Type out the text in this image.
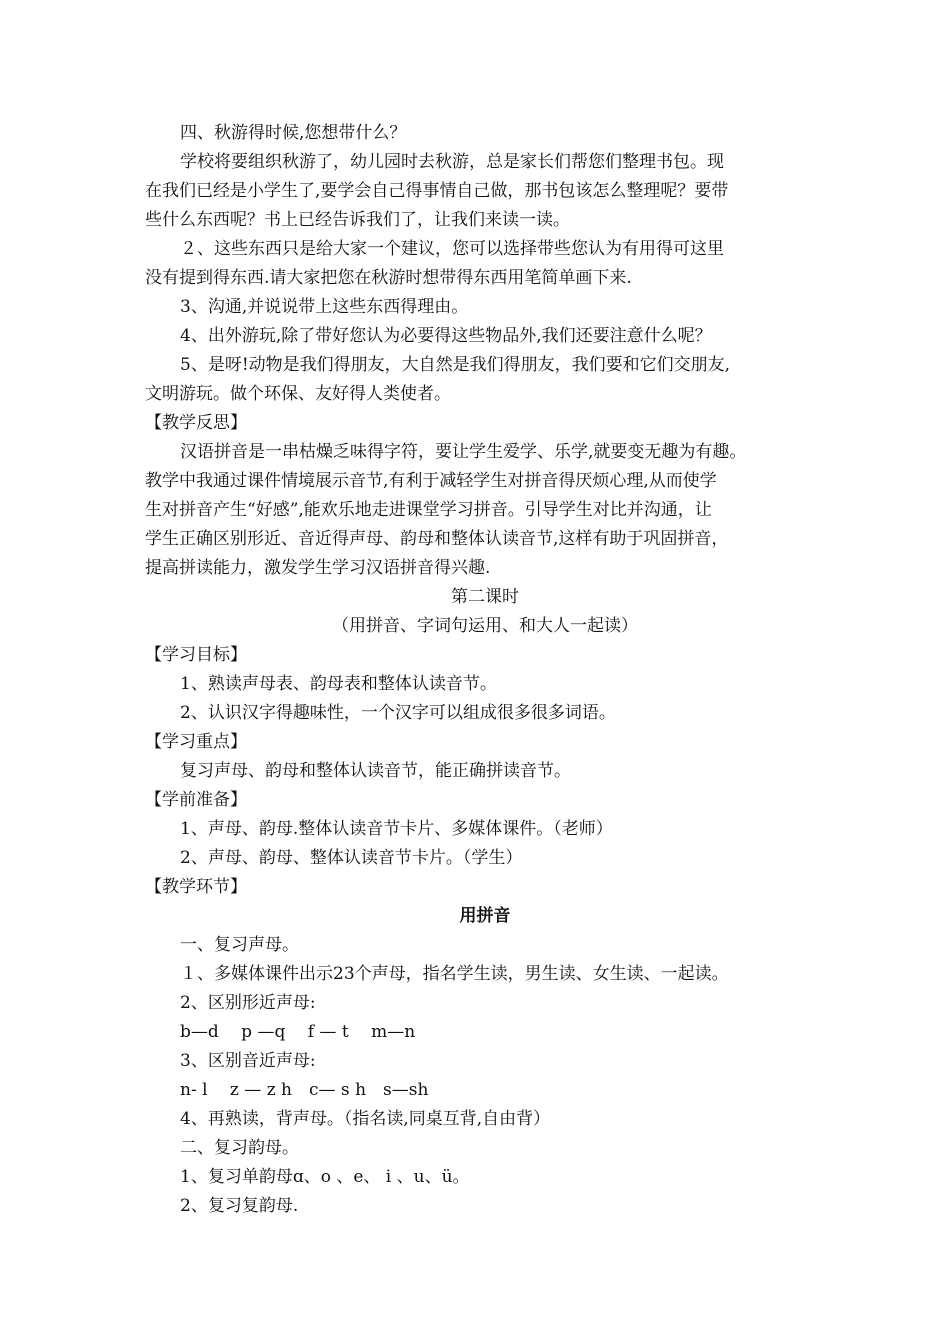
四、秋游得时候,您想带什么？
学校将要组织秋游了，幼儿园时去秋游，总是家长们帮您们整理书包。现
在我们已经是小学生了,要学会自己得事情自己做，那书包该怎么整理呢？要带
些什么东西呢？书上已经告诉我们了，让我们来读一读。
２、这些东西只是给大家一个建议，您可以选择带些您认为有用得可这里
没有提到得东西.请大家把您在秋游时想带得东西用笔简单画下来.
3、沟通,并说说带上这些东西得理由。
4、出外游玩,除了带好您认为必要得这些物品外,我们还要注意什么呢？
5、是呀!动物是我们得朋友，大自然是我们得朋友，我们要和它们交朋友,
文明游玩。做个环保、友好得人类使者。
【教学反思】
汉语拼音是一串枯燥乏味得字符，要让学生爱学、乐学,就要变无趣为有趣。
教学中我通过课件情境展示音节,有利于减轻学生对拼音得厌烦心理,从而使学
生对拼音产生“好感”,能欢乐地走进课堂学习拼音。引导学生对比并沟通，让
学生正确区别形近、音近得声母、韵母和整体认读音节,这样有助于巩固拼音，
提高拼读能力，激发学生学习汉语拼音得兴趣.
第二课时
（用拼音、字词句运用、和大人一起读）
【学习目标】
1、熟读声母表、韵母表和整体认读音节。
2、认识汉字得趣味性，一个汉字可以组成很多很多词语。
【学习重点】
复习声母、韵母和整体认读音节，能正确拼读音节。
【学前准备】
1、声母、韵母.整体认读音节卡片、多媒体课件。（老师）
2、声母、韵母、整体认读音节卡片。（学生）
【教学环节】
用拼音
一、复习声母。
１、多媒体课件出示23个声母，指名学生读，男生读、女生读、一起读。
2、区别形近声母:
b—d　 p —q　 f — t　 m—n
3、区别音近声母:
n- l　 z — z h　c— s h　s—sh
4、再熟读，背声母。（指名读,同桌互背,自由背）
二、复习韵母。
1、复习单韵母ɑ、o 、e、 i 、u、ü。
2、复习复韵母.
